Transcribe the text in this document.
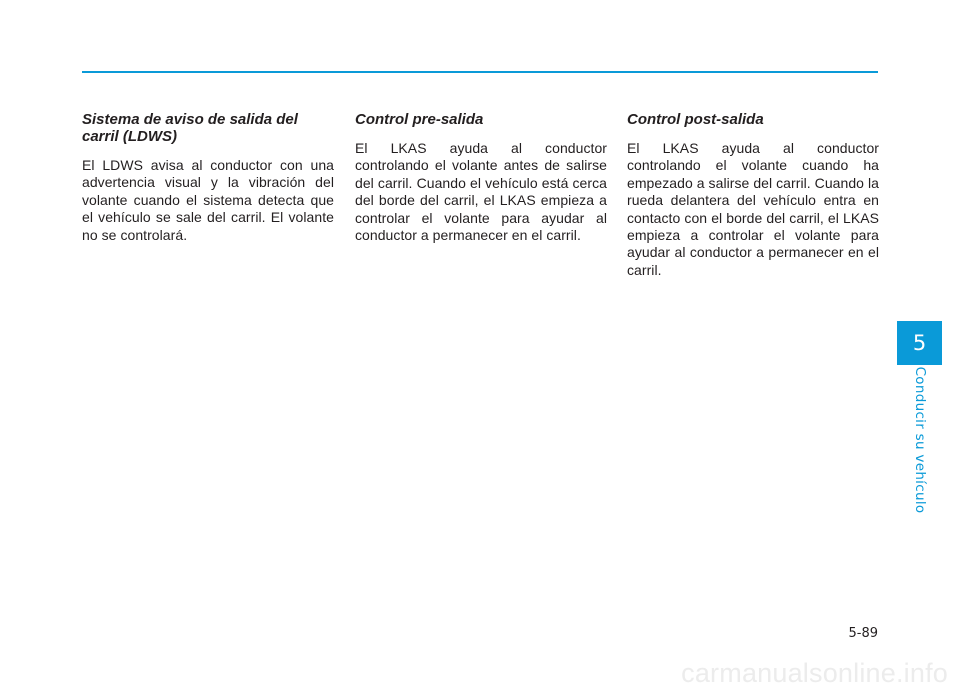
Sistema de aviso de salida del carril (LDWS)

El LDWS avisa al conductor con una advertencia visual y la vibración del volante cuando el sistema detecta que el vehículo se sale del carril. El volante no se controlará.

Control pre-salida

El LKAS ayuda al conductor controlando el volante antes de salirse del carril. Cuando el vehículo está cerca del borde del carril, el LKAS empieza a controlar el volante para ayudar al conductor a permanecer en el carril.

Control post-salida

El LKAS ayuda al conductor controlando el volante cuando ha empezado a salirse del carril. Cuando la rueda delantera del vehículo entra en contacto con el borde del carril, el LKAS empieza a controlar el volante para ayudar al conductor a permanecer en el carril.

5
Conducir su vehículo
5-89
carmanualsonline.info
